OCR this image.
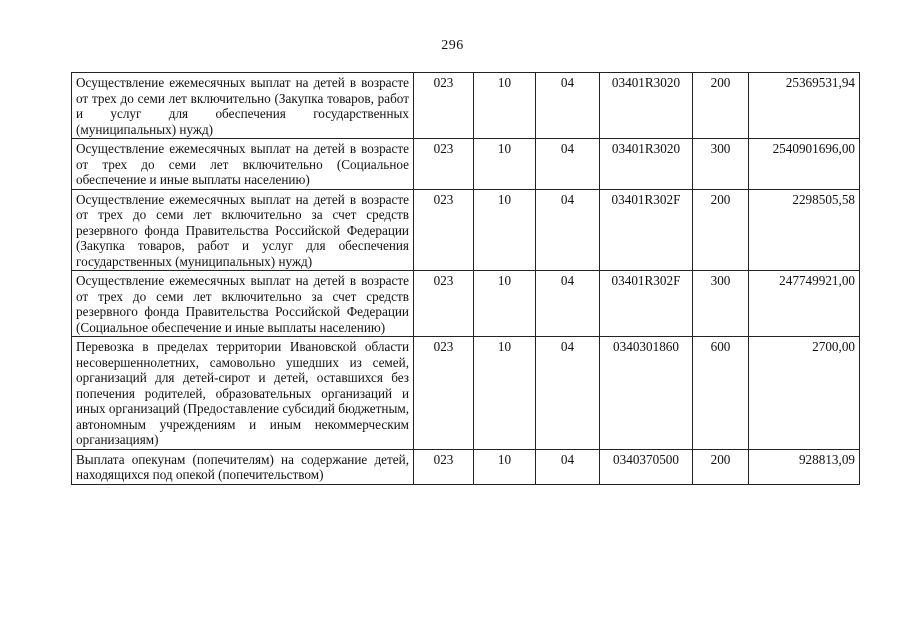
296
Осуществление ежемесячных выплат на детей в возрасте от трех до семи лет включительно (Закупка товаров, работ и услуг для обеспечения государственных (муниципальных) нужд)	023	10	04	03401R3020	200	25369531,94
Осуществление ежемесячных выплат на детей в возрасте от трех до семи лет включительно (Социальное обеспечение и иные выплаты населению)	023	10	04	03401R3020	300	2540901696,00
Осуществление ежемесячных выплат на детей в возрасте от трех до семи лет включительно за счет средств резервного фонда Правительства Российской Федерации (Закупка товаров, работ и услуг для обеспечения государственных (муниципальных) нужд)	023	10	04	03401R302F	200	2298505,58
Осуществление ежемесячных выплат на детей в возрасте от трех до семи лет включительно за счет средств резервного фонда Правительства Российской Федерации (Социальное обеспечение и иные выплаты населению)	023	10	04	03401R302F	300	247749921,00
Перевозка в пределах территории Ивановской области несовершеннолетних, самовольно ушедших из семей, организаций для детей-сирот и детей, оставшихся без попечения родителей, образовательных организаций и иных организаций (Предоставление субсидий бюджетным, автономным учреждениям и иным некоммерческим организациям)	023	10	04	0340301860	600	2700,00
Выплата опекунам (попечителям) на содержание детей, находящихся под опекой (попечительством)	023	10	04	0340370500	200	928813,09
